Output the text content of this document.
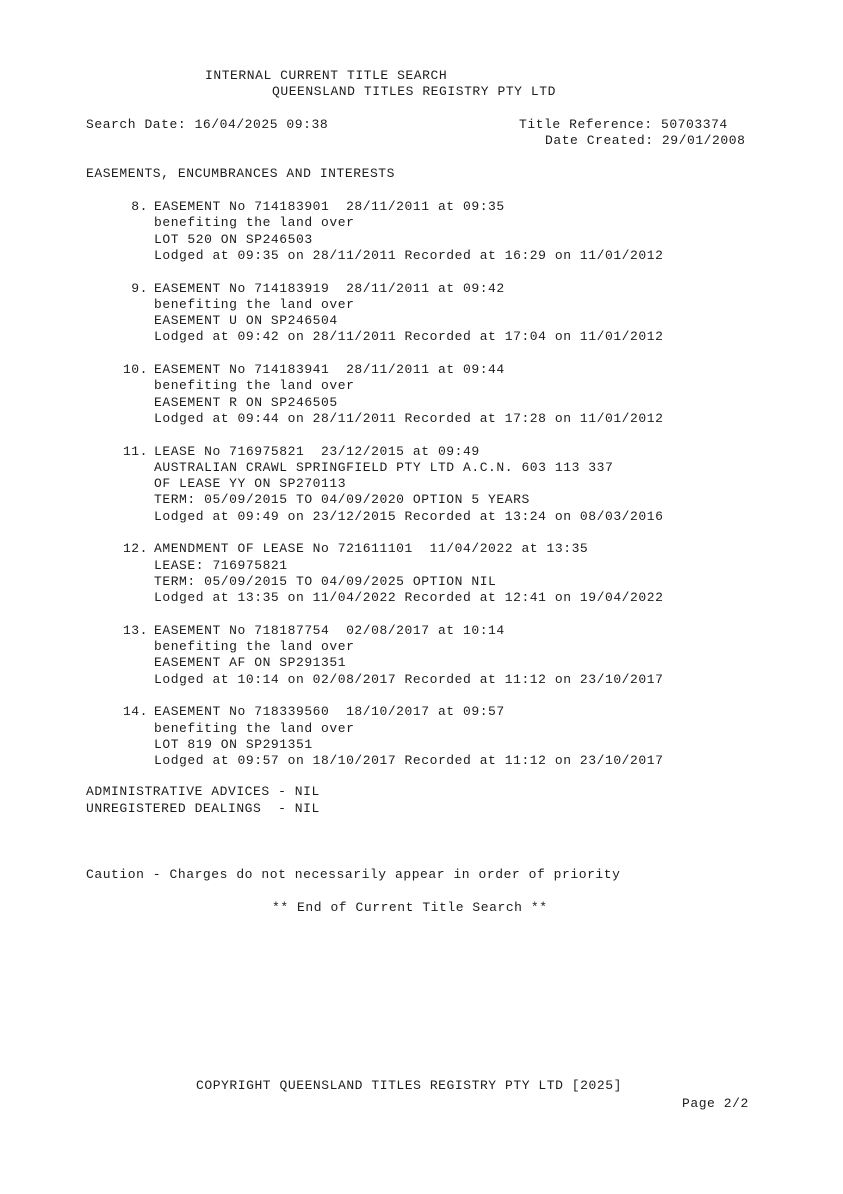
INTERNAL CURRENT TITLE SEARCH
QUEENSLAND TITLES REGISTRY PTY LTD
Search Date: 16/04/2025 09:38	Title Reference: 50703374
Date Created: 29/01/2008
EASEMENTS, ENCUMBRANCES AND INTERESTS
8. EASEMENT No 714183901  28/11/2011 at 09:35
benefiting the land over
LOT 520 ON SP246503
Lodged at 09:35 on 28/11/2011 Recorded at 16:29 on 11/01/2012
9. EASEMENT No 714183919  28/11/2011 at 09:42
benefiting the land over
EASEMENT U ON SP246504
Lodged at 09:42 on 28/11/2011 Recorded at 17:04 on 11/01/2012
10. EASEMENT No 714183941  28/11/2011 at 09:44
benefiting the land over
EASEMENT R ON SP246505
Lodged at 09:44 on 28/11/2011 Recorded at 17:28 on 11/01/2012
11. LEASE No 716975821  23/12/2015 at 09:49
AUSTRALIAN CRAWL SPRINGFIELD PTY LTD A.C.N. 603 113 337
OF LEASE YY ON SP270113
TERM: 05/09/2015 TO 04/09/2020 OPTION 5 YEARS
Lodged at 09:49 on 23/12/2015 Recorded at 13:24 on 08/03/2016
12. AMENDMENT OF LEASE No 721611101  11/04/2022 at 13:35
LEASE: 716975821
TERM: 05/09/2015 TO 04/09/2025 OPTION NIL
Lodged at 13:35 on 11/04/2022 Recorded at 12:41 on 19/04/2022
13. EASEMENT No 718187754  02/08/2017 at 10:14
benefiting the land over
EASEMENT AF ON SP291351
Lodged at 10:14 on 02/08/2017 Recorded at 11:12 on 23/10/2017
14. EASEMENT No 718339560  18/10/2017 at 09:57
benefiting the land over
LOT 819 ON SP291351
Lodged at 09:57 on 18/10/2017 Recorded at 11:12 on 23/10/2017
ADMINISTRATIVE ADVICES - NIL
UNREGISTERED DEALINGS  - NIL
Caution - Charges do not necessarily appear in order of priority
** End of Current Title Search **
COPYRIGHT QUEENSLAND TITLES REGISTRY PTY LTD [2025]
Page 2/2
